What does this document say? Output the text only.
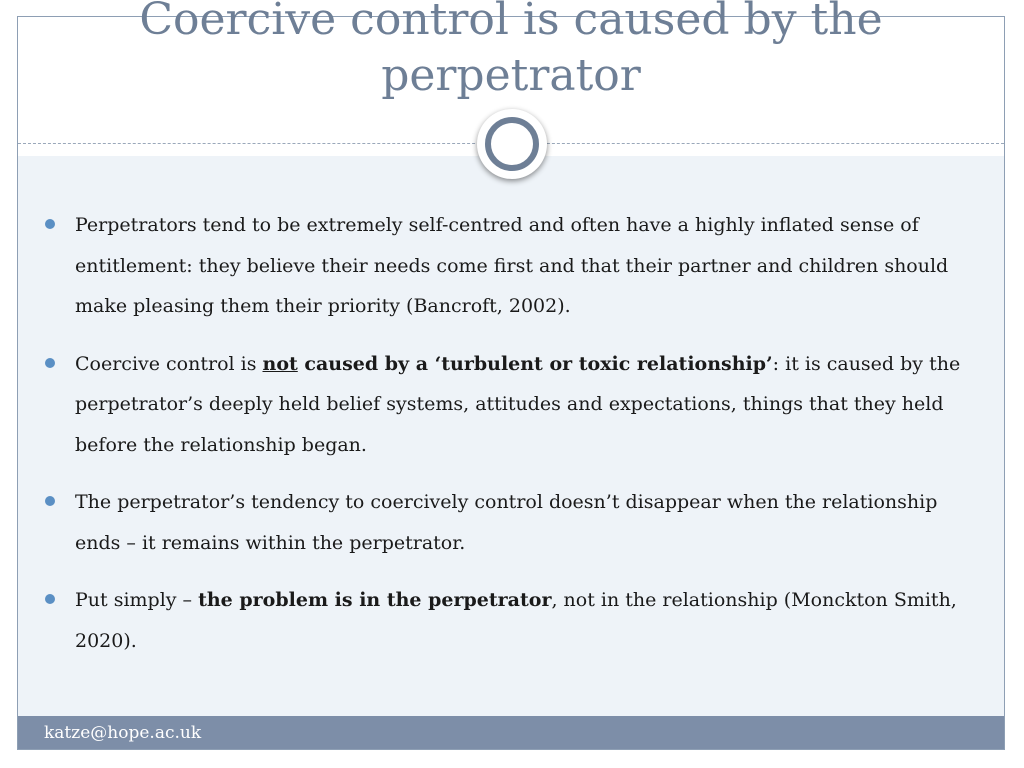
Coercive control is caused by the
perpetrator
Perpetrators tend to be extremely self-centred and often have a highly inflated sense of entitlement: they believe their needs come first and that their partner and children should make pleasing them their priority (Bancroft, 2002).
Coercive control is not caused by a ‘turbulent or toxic relationship’: it is caused by the perpetrator’s deeply held belief systems, attitudes and expectations, things that they held before the relationship began.
The perpetrator’s tendency to coercively control doesn’t disappear when the relationship ends – it remains within the perpetrator.
Put simply – the problem is in the perpetrator, not in the relationship (Monckton Smith, 2020).
katze@hope.ac.uk
